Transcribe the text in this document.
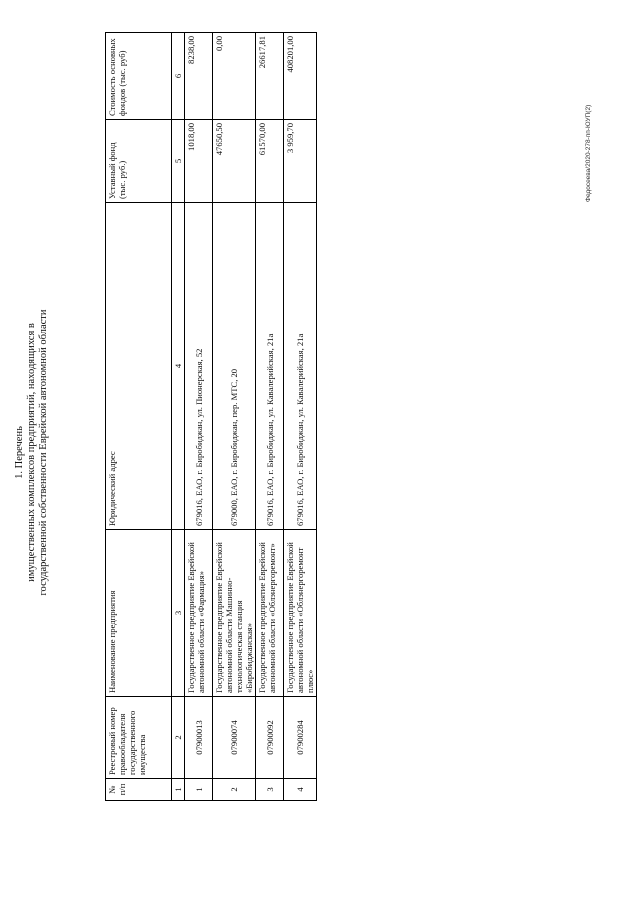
1. Перечень имущественных комплексов предприятий, находящихся в государственной собственности Еврейской автономной области
Федосеева/2020-278-пп-ЮУП(2)
№ п/п	Реестровый номер правообладателя государственного имущества	Наименование предприятия	Юридический адрес	Уставный фонд (тыс. руб.)	Стоимость основных фондов (тыс. руб)
1	2	3	4	5	6
1	07900013	Государственное предприятие Еврейской автономной области «Фармация»	679016, ЕАО, г. Биробиджан, ул. Пионерская, 52	1018,00	8238,00
2	07900074	Государственное предприятие Еврейской автономной области Машинно-технологическая станция «Биробиджанская»	679000, ЕАО, г. Биробиджан, пер. МТС, 20	47650,50	0,00
3	07900092	Государственное предприятие Еврейской автономной области «Облэнергоремонт»	679016, ЕАО, г. Биробиджан, ул. Кавалерийская, 21а	61570,00	26617,81
4	07900284	Государственное предприятие Еврейской автономной области «Облэнергоремонт плюс»	679016, ЕАО, г. Биробиджан, ул. Кавалерийская, 21а	3 959,70	408201,00
